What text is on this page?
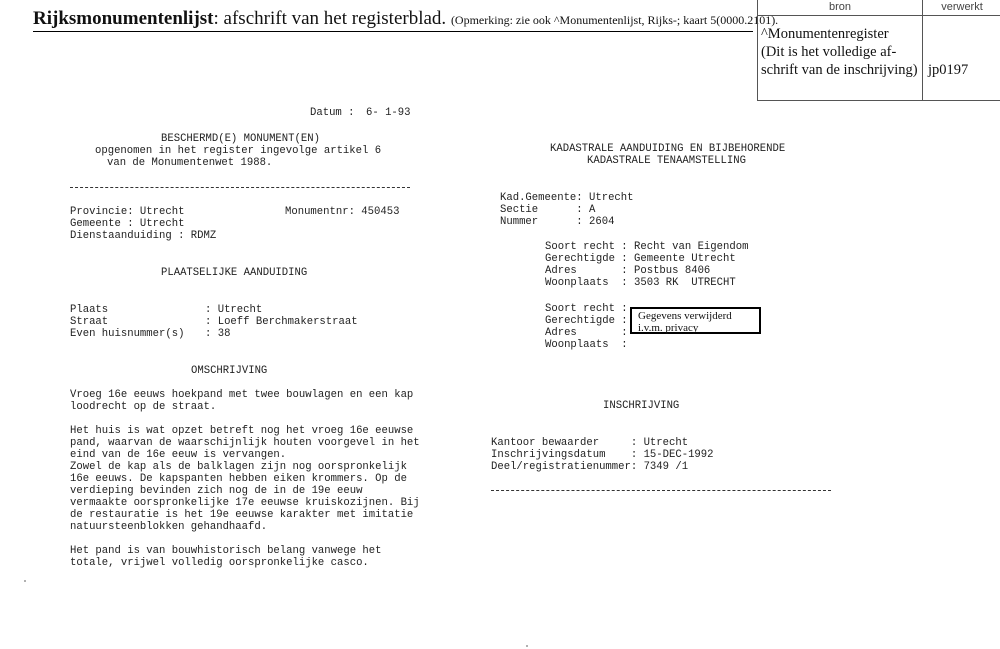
Rijksmonumentenlijst: afschrift van het registerblad. (Opmerking: zie ook ^Monumentenlijst, Rijks-; kaart 5(0000.2101).
bron	verwerkt
^Monumentenregister
(Dit is het volledige af-
schrift van de inschrijving) jp0197
Datum : 6- 1-93
BESCHERMD(E) MONUMENT(EN)
opgenomen in het register ingevolge artikel 6
van de Monumentenwet 1988.
Provincie: Utrecht	Monumentnr: 450453
Gemeente : Utrecht
Dienstaanduiding : RDMZ
PLAATSELIJKE AANDUIDING
Plaats	: Utrecht
Straat	: Loeff Berchmakerstraat
Even huisnummer(s) : 38
OMSCHRIJVING
Vroeg 16e eeuws hoekpand met twee bouwlagen en een kap
loodrecht op de straat.
Het huis is wat opzet betreft nog het vroeg 16e eeuwse
pand, waarvan de waarschijnlijk houten voorgevel in het
eind van de 16e eeuw is vervangen.
Zowel de kap als de balklagen zijn nog oorspronkelijk
16e eeuws. De kapspanten hebben eiken krommers. Op de
verdieping bevinden zich nog de in de 19e eeuw
vermaakte oorspronkelijke 17e eeuwse kruiskozijnen. Bij
de restauratie is het 19e eeuwse karakter met imitatie
natuursteenblokken gehandhaafd.
Het pand is van bouwhistorisch belang vanwege het
totale, vrijwel volledig oorspronkelijke casco.
KADASTRALE AANDUIDING EN BIJBEHORENDE
KADASTRALE TENAAMSTELLING
Kad.Gemeente: Utrecht
Sectie      : A
Nummer      : 2604
Soort recht : Recht van Eigendom
Gerechtigde : Gemeente Utrecht
Adres       : Postbus 8406
Woonplaats  : 3503 RK  UTRECHT
Soort recht :
Gerechtigde :
Adres       :
Woonplaats  :
Gegevens verwijderd i.v.m. privacy
INSCHRIJVING
Kantoor bewaarder     : Utrecht
Inschrijvingsdatum    : 15-DEC-1992
Deel/registratienummer: 7349 /1
